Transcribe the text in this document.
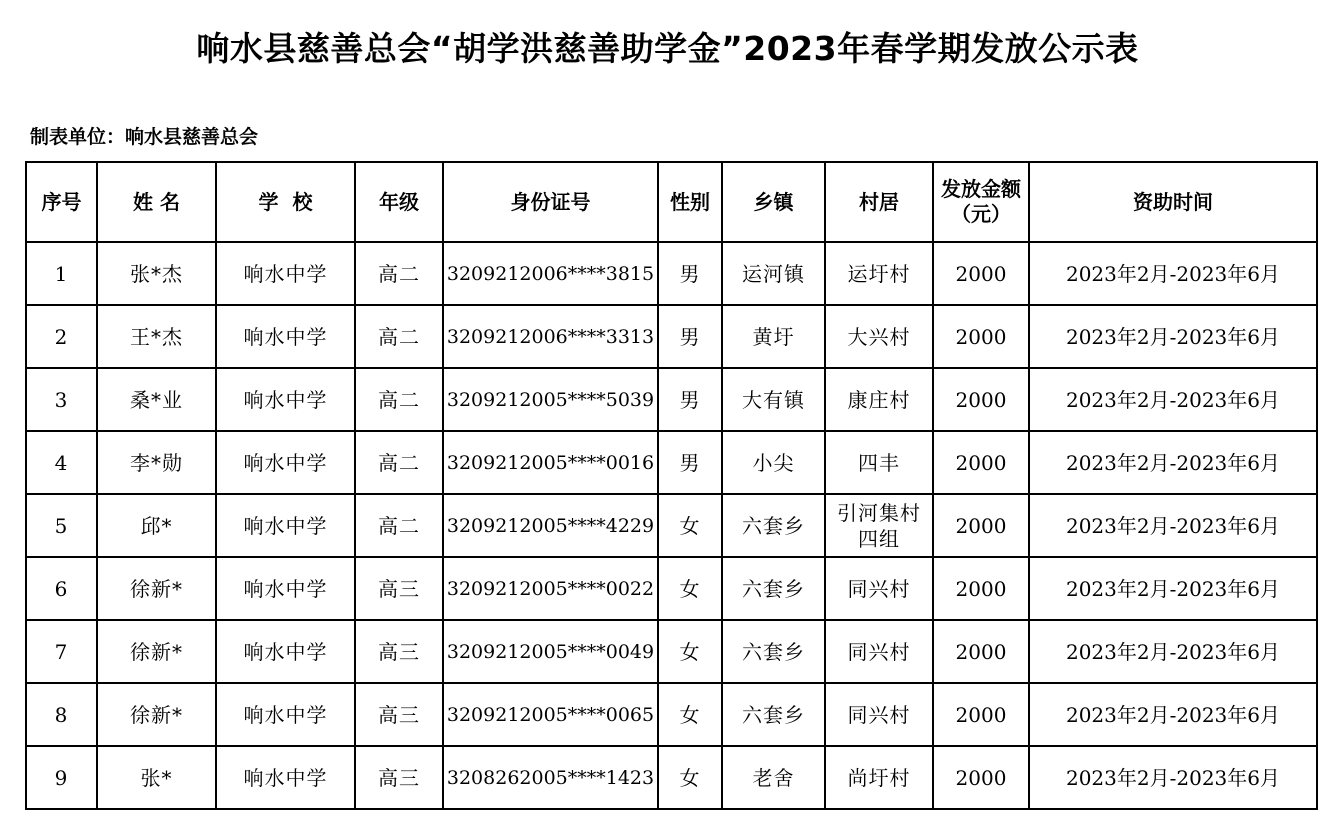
响水县慈善总会“胡学洪慈善助学金”2023年春学期发放公示表
制表单位：响水县慈善总会
序号	姓 名	学  校	年级	身份证号	性别	乡镇	村居	发放金额（元）	资助时间
1	张*杰	响水中学	高二	3209212006****3815	男	运河镇	运圩村	2000	2023年2月-2023年6月
2	王*杰	响水中学	高二	3209212006****3313	男	黄圩	大兴村	2000	2023年2月-2023年6月
3	桑*业	响水中学	高二	3209212005****5039	男	大有镇	康庄村	2000	2023年2月-2023年6月
4	李*勋	响水中学	高二	3209212005****0016	男	小尖	四丰	2000	2023年2月-2023年6月
5	邱*	响水中学	高二	3209212005****4229	女	六套乡	引河集村四组	2000	2023年2月-2023年6月
6	徐新*	响水中学	高三	3209212005****0022	女	六套乡	同兴村	2000	2023年2月-2023年6月
7	徐新*	响水中学	高三	3209212005****0049	女	六套乡	同兴村	2000	2023年2月-2023年6月
8	徐新*	响水中学	高三	3209212005****0065	女	六套乡	同兴村	2000	2023年2月-2023年6月
9	张*	响水中学	高三	3208262005****1423	女	老舍	尚圩村	2000	2023年2月-2023年6月
